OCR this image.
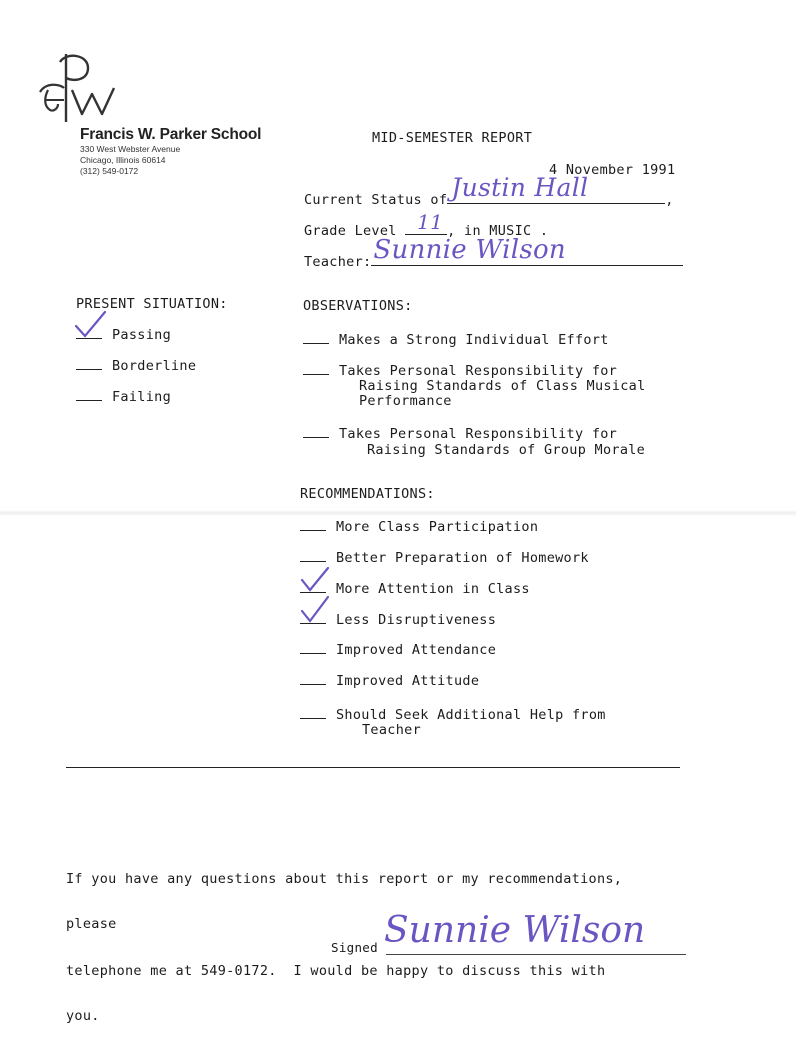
PFW
Francis W. Parker School
330 West Webster Avenue
Chicago, Illinois 60614
(312) 549-0172
MID-SEMESTER REPORT
4 November 1991
Current Status of Justin Hall	,
Grade Level 11 , in MUSIC .
Teacher: Sunnie Wilson
PRESENT SITUATION:
Passing
Borderline
Failing
OBSERVATIONS:
Makes a Strong Individual Effort
Takes Personal Responsibility for
Raising Standards of Class Musical
Performance
Takes Personal Responsibility for
Raising Standards of Group Morale
RECOMMENDATIONS:
More Class Participation
Better Preparation of Homework
More Attention in Class
Less Disruptiveness
Improved Attendance
Improved Attitude
Should Seek Additional Help from
Teacher

If you have any questions about this report or my recommendations,

please

telephone me at 549-0172.  I would be happy to discuss this with

you.

Signed Sunnie Wilson
